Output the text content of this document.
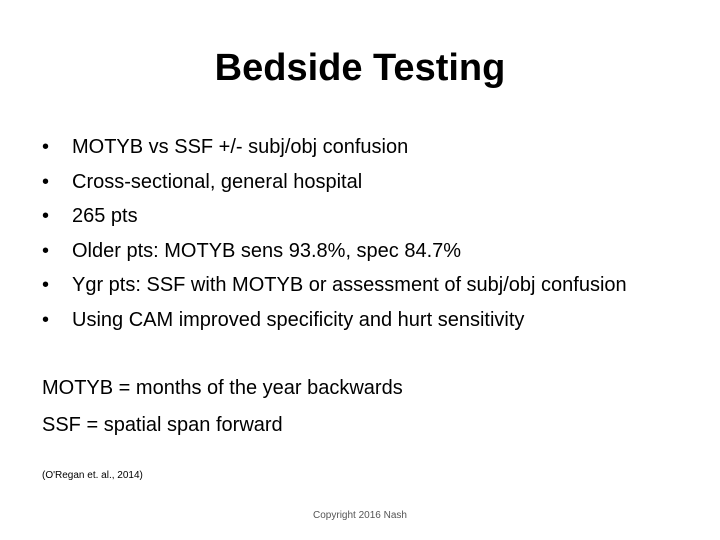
Bedside Testing
•	MOTYB vs SSF +/- subj/obj confusion
•	Cross-sectional, general hospital
•	265 pts
•	Older pts: MOTYB sens 93.8%, spec 84.7%
•	Ygr pts: SSF with MOTYB or assessment of subj/obj confusion
•	Using CAM improved specificity and hurt sensitivity
MOTYB = months of the year backwards
SSF = spatial span forward
(O'Regan et. al., 2014)
Copyright 2016 Nash
